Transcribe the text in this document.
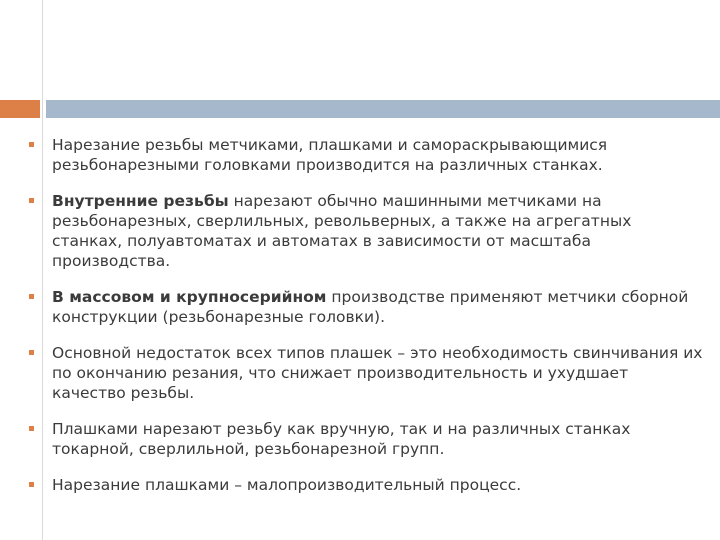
Нарезание резьбы метчиками, плашками и самораскрывающимися резьбонарезными головками производится на различных станках.
Внутренние резьбы нарезают обычно машинными метчиками на резьбонарезных, сверлильных, револьверных, а также на агрегатных станках, полуавтоматах и автоматах в зависимости от масштаба производства.
В массовом и крупносерийном производстве применяют метчики сборной конструкции (резьбонарезные головки).
Основной недостаток всех типов плашек – это необходимость свинчивания их по окончанию резания, что снижает производительность и ухудшает качество резьбы.
Плашками нарезают резьбу как вручную, так и на различных станках токарной, сверлильной, резьбонарезной групп.
Нарезание плашками – малопроизводительный процесс.
